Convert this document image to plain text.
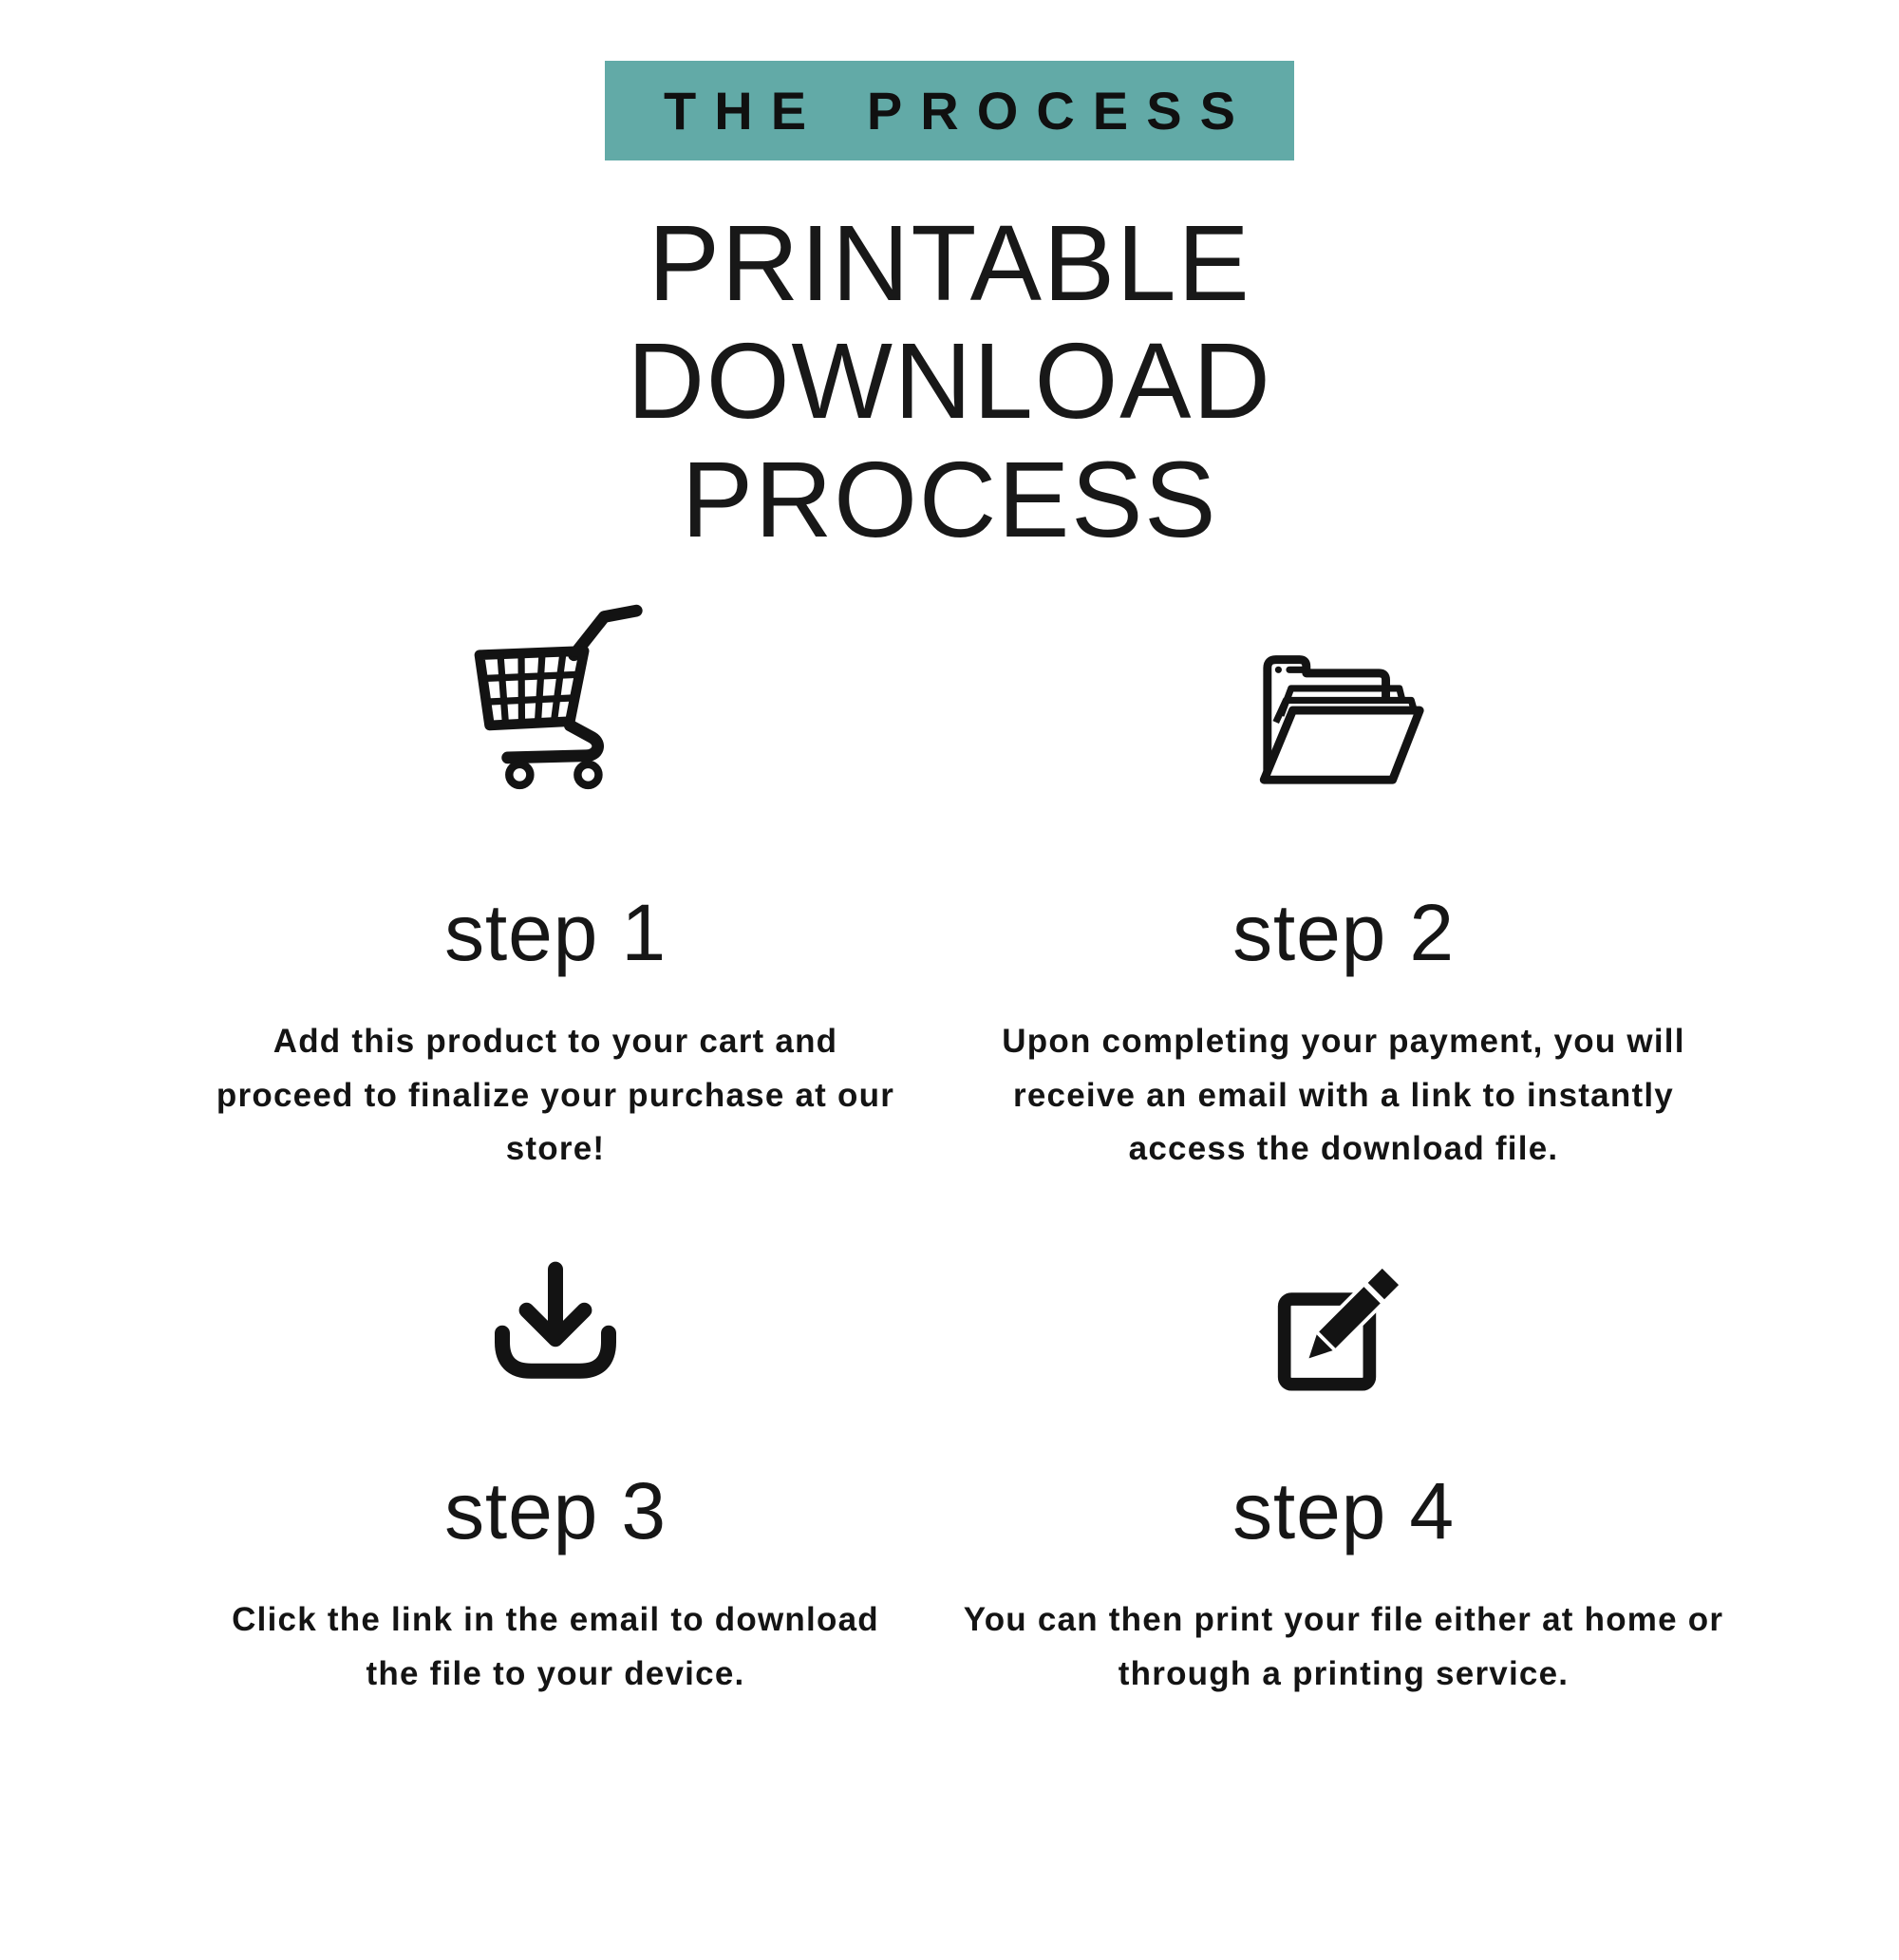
THE PROCESS
PRINTABLE
DOWNLOAD
PROCESS
step 1
Add this product to your cart and proceed to finalize your purchase at our store!
step 2
Upon completing your payment, you will receive an email with a link to instantly access the download file.
step 3
Click the link in the email to download the file to your device.
step 4
You can then print your file either at home or through a printing service.
